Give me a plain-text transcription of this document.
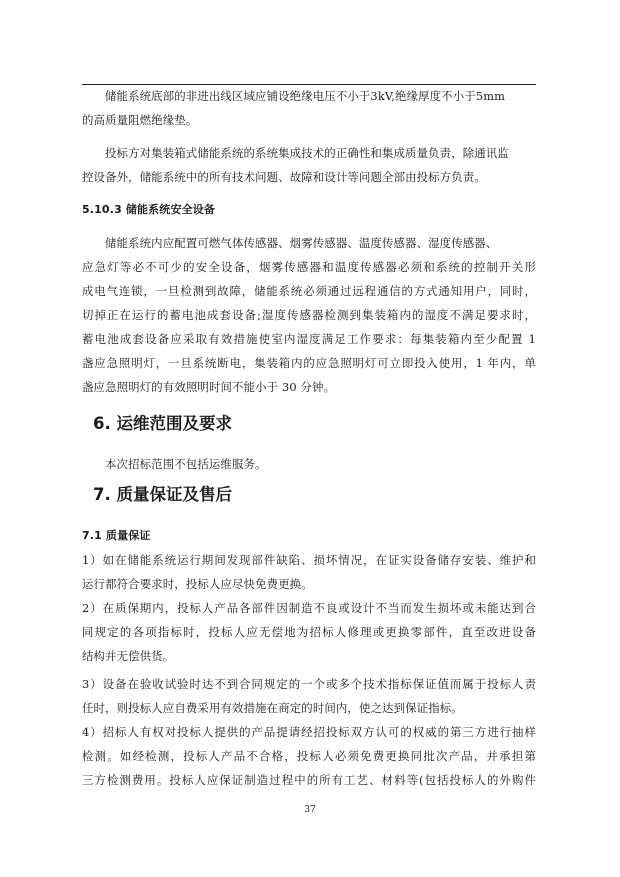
储能系统底部的非进出线区域应铺设绝缘电压不小于3kV,绝缘厚度不小于5mm
的高质量阻燃绝缘垫。
投标方对集装箱式储能系统的系统集成技术的正确性和集成质量负责，除通讯监
控设备外，储能系统中的所有技术问题、故障和设计等问题全部由投标方负责。
5.10.3 储能系统安全设备
储能系统内应配置可燃气体传感器、烟雾传感器、温度传感器、湿度传感器、
应急灯等必不可少的安全设备，烟雾传感器和温度传感器必须和系统的控制开关形
成电气连锁，一旦检测到故障，储能系统必须通过远程通信的方式通知用户，同时，
切掉正在运行的蓄电池成套设备;湿度传感器检测到集装箱内的湿度不满足要求时，
蓄电池成套设备应采取有效措施使室内湿度满足工作要求：每集装箱内至少配置 1
盏应急照明灯，一旦系统断电，集装箱内的应急照明灯可立即投入使用，1 年内，单
盏应急照明灯的有效照明时间不能小于 30 分钟。
6. 运维范围及要求
本次招标范围不包括运维服务。
7. 质量保证及售后
7.1 质量保证
1）如在储能系统运行期间发现部件缺陷、损坏情况，在证实设备储存安装、维护和
运行都符合要求时，投标人应尽快免费更换。
2）在质保期内，投标人产品各部件因制造不良或设计不当而发生损坏或未能达到合
同规定的各项指标时，投标人应无偿地为招标人修理或更换零部件，直至改进设备
结构并无偿供货。
3）设备在验收试验时达不到合同规定的一个或多个技术指标保证值而属于投标人责
任时，则投标人应自费采用有效措施在商定的时间内，使之达到保证指标。
4）招标人有权对投标人提供的产品提请经招投标双方认可的权威的第三方进行抽样
检测。如经检测，投标人产品不合格，投标人必须免费更换同批次产品，并承担第
三方检测费用。投标人应保证制造过程中的所有工艺、材料等(包括投标人的外购件
37
